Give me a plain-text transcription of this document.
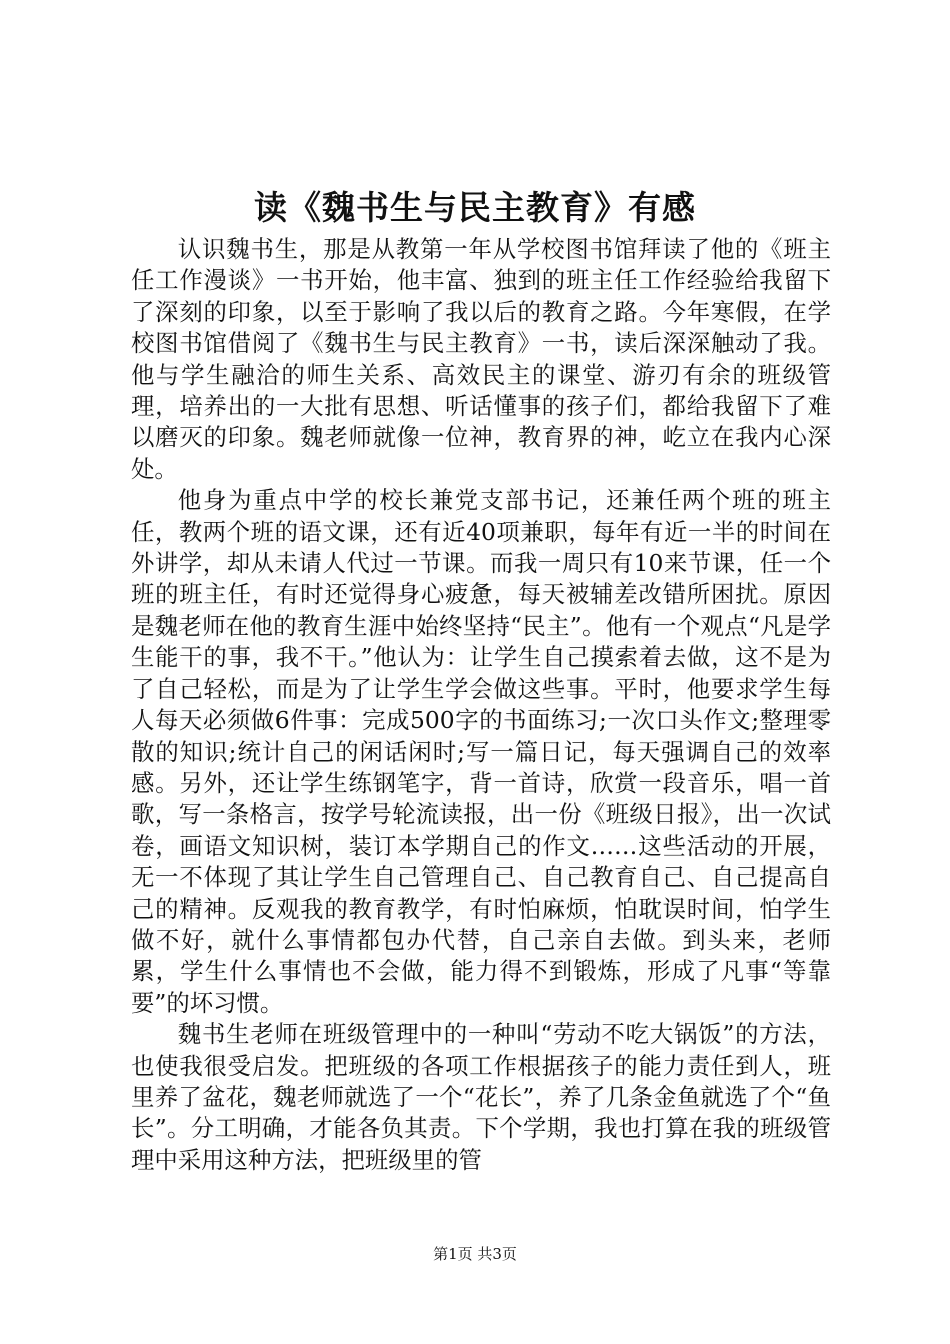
读《魏书生与民主教育》有感

认识魏书生，那是从教第一年从学校图书馆拜读了他的《班主任工作漫谈》一书开始，他丰富、独到的班主任工作经验给我留下了深刻的印象，以至于影响了我以后的教育之路。今年寒假，在学校图书馆借阅了《魏书生与民主教育》一书，读后深深触动了我。他与学生融洽的师生关系、高效民主的课堂、游刃有余的班级管理，培养出的一大批有思想、听话懂事的孩子们，都给我留下了难以磨灭的印象。魏老师就像一位神，教育界的神，屹立在我内心深处。

他身为重点中学的校长兼党支部书记，还兼任两个班的班主任，教两个班的语文课，还有近40项兼职，每年有近一半的时间在外讲学，却从未请人代过一节课。而我一周只有10来节课，任一个班的班主任，有时还觉得身心疲惫，每天被辅差改错所困扰。原因是魏老师在他的教育生涯中始终坚持“民主”。他有一个观点“凡是学生能干的事，我不干。”他认为：让学生自己摸索着去做，这不是为了自己轻松，而是为了让学生学会做这些事。平时，他要求学生每人每天必须做6件事：完成500字的书面练习;一次口头作文;整理零散的知识;统计自己的闲话闲时;写一篇日记，每天强调自己的效率感。另外，还让学生练钢笔字，背一首诗，欣赏一段音乐，唱一首歌，写一条格言，按学号轮流读报，出一份《班级日报》，出一次试卷，画语文知识树，装订本学期自己的作文……这些活动的开展，无一不体现了其让学生自己管理自己、自己教育自己、自己提高自己的精神。反观我的教育教学，有时怕麻烦，怕耽误时间，怕学生做不好，就什么事情都包办代替，自己亲自去做。到头来，老师累，学生什么事情也不会做，能力得不到锻炼，形成了凡事“等靠要”的坏习惯。

魏书生老师在班级管理中的一种叫“劳动不吃大锅饭”的方法，也使我很受启发。把班级的各项工作根据孩子的能力责任到人，班里养了盆花，魏老师就选了一个“花长”，养了几条金鱼就选了个“鱼长”。分工明确，才能各负其责。下个学期，我也打算在我的班级管理中采用这种方法，把班级里的管

第1页 共3页
